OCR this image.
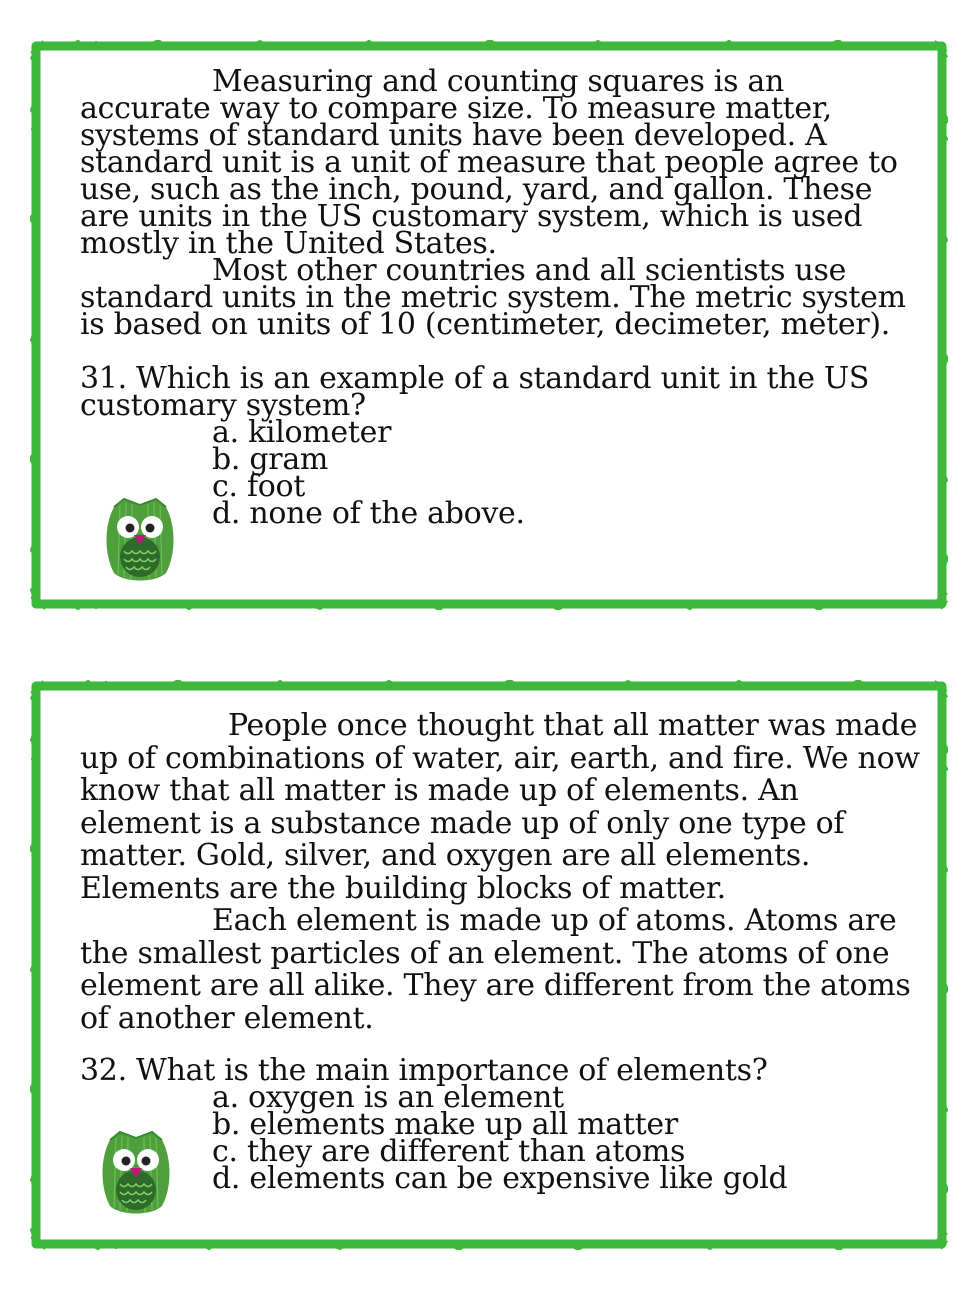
Measuring and counting squares is an accurate way to compare size. To measure matter, systems of standard units have been developed. A standard unit is a unit of measure that people agree to use, such as the inch, pound, yard, and gallon. These are units in the US customary system, which is used mostly in the United States.

Most other countries and all scientists use standard units in the metric system. The metric system is based on units of 10 (centimeter, decimeter, meter).

31. Which is an example of a standard unit in the US customary system?

a. kilometer
b. gram
c. foot
d. none of the above.

People once thought that all matter was made up of combinations of water, air, earth, and fire. We now know that all matter is made up of elements. An element is a substance made up of only one type of matter. Gold, silver, and oxygen are all elements. Elements are the building blocks of matter.

Each element is made up of atoms. Atoms are the smallest particles of an element. The atoms of one element are all alike. They are different from the atoms of another element.

32. What is the main importance of elements?

a. oxygen is an element
b. elements make up all matter
c. they are different than atoms
d. elements can be expensive like gold
